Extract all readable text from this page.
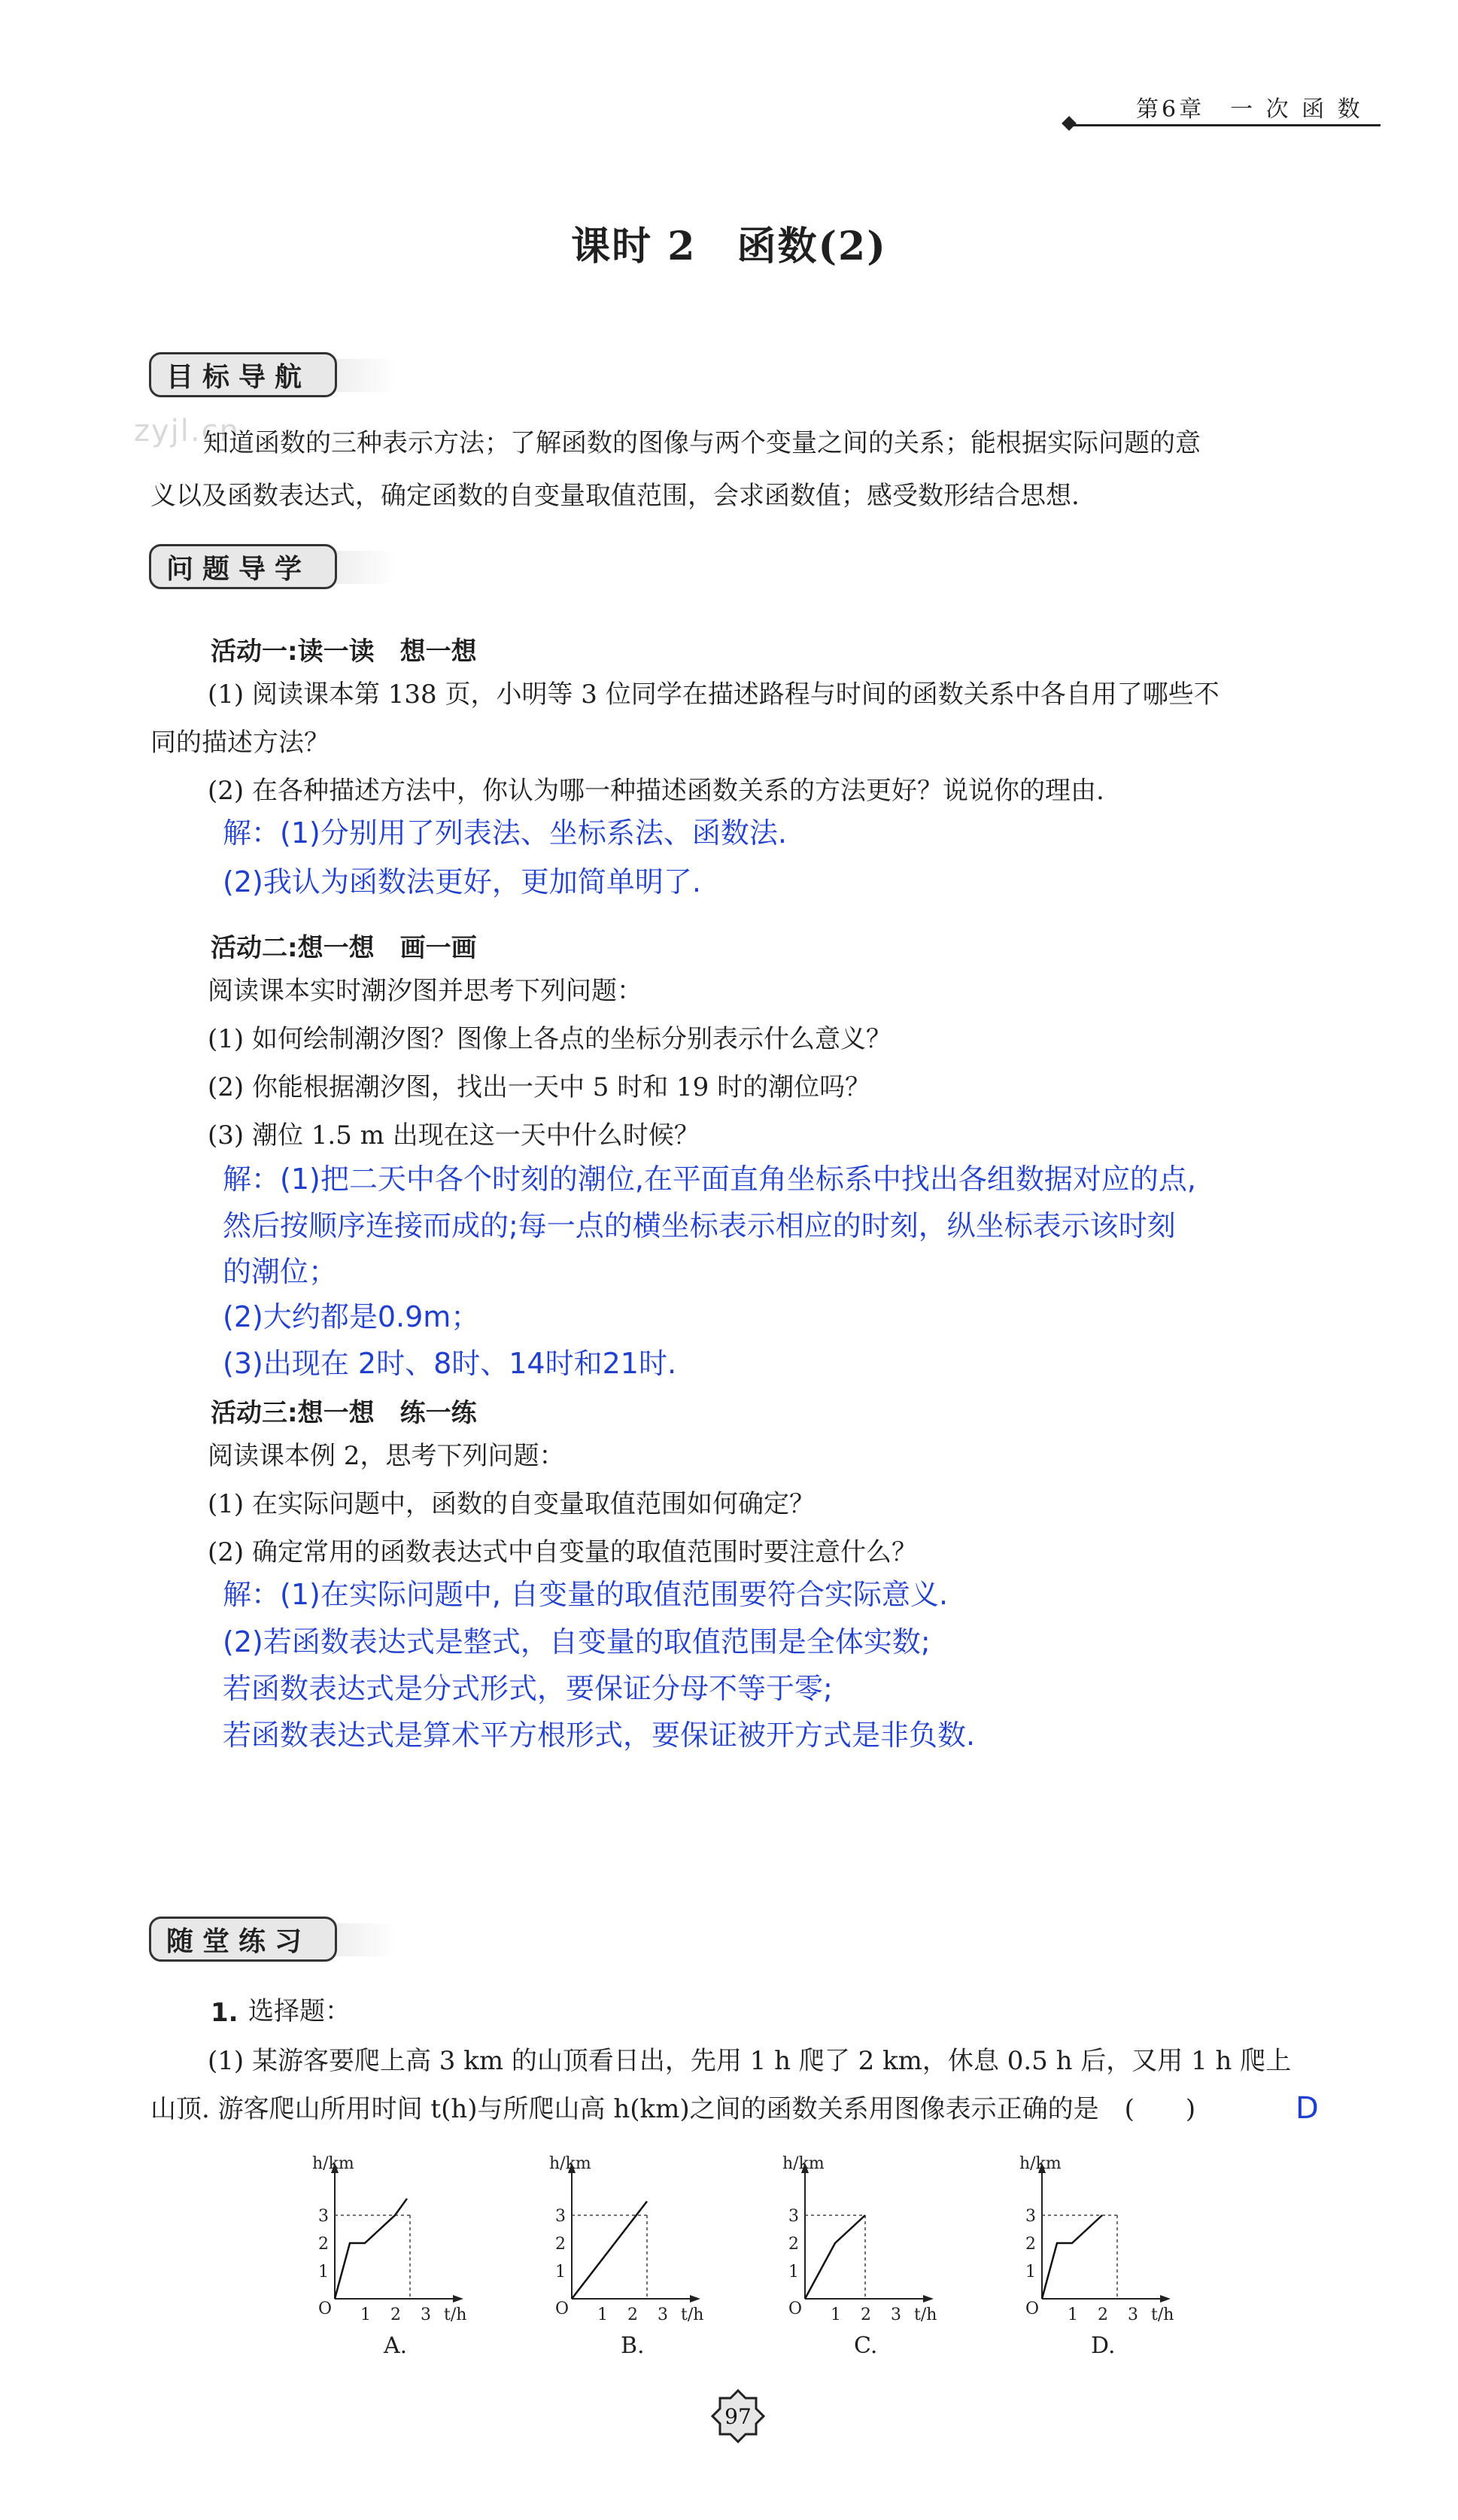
第6章　一 次 函 数
课时 2　函数(2)
目标导航
zyjl.cn
知道函数的三种表示方法；了解函数的图像与两个变量之间的关系；能根据实际问题的意
义以及函数表达式，确定函数的自变量取值范围，会求函数值；感受数形结合思想.
问题导学
活动一:读一读　想一想
(1) 阅读课本第 138 页，小明等 3 位同学在描述路程与时间的函数关系中各自用了哪些不
同的描述方法？
(2) 在各种描述方法中，你认为哪一种描述函数关系的方法更好？说说你的理由.
解：(1)分别用了列表法、坐标系法、函数法.
(2)我认为函数法更好，更加简单明了.
活动二:想一想　画一画
阅读课本实时潮汐图并思考下列问题：
(1) 如何绘制潮汐图？图像上各点的坐标分别表示什么意义？
(2) 你能根据潮汐图，找出一天中 5 时和 19 时的潮位吗？
(3) 潮位 1.5 m 出现在这一天中什么时候？
解：(1)把二天中各个时刻的潮位,在平面直角坐标系中找出各组数据对应的点,
然后按顺序连接而成的;每一点的横坐标表示相应的时刻，纵坐标表示该时刻
的潮位；
(2)大约都是0.9m；
(3)出现在 2时、8时、14时和21时.
活动三:想一想　练一练
阅读课本例 2，思考下列问题：
(1) 在实际问题中，函数的自变量取值范围如何确定？
(2) 确定常用的函数表达式中自变量的取值范围时要注意什么？
解：(1)在实际问题中, 自变量的取值范围要符合实际意义.
(2)若函数表达式是整式，自变量的取值范围是全体实数;
若函数表达式是分式形式，要保证分母不等于零;
若函数表达式是算术平方根形式，要保证被开方式是非负数.
随堂练习
1. 选择题：
(1) 某游客要爬上高 3 km 的山顶看日出，先用 1 h 爬了 2 km，休息 0.5 h 后，又用 1 h 爬上
山顶. 游客爬山所用时间 t(h)与所爬山高 h(km)之间的函数关系用图像表示正确的是　(　　)	D
h/km
t/h
O
1
2
3
1 2 3
A.
h/km
t/h
O
1
2
3
1 2 3
B.
h/km
t/h
O
1
2
3
1 2 3
C.
h/km
t/h
O
1
2
3
1 2 3
D.
97
